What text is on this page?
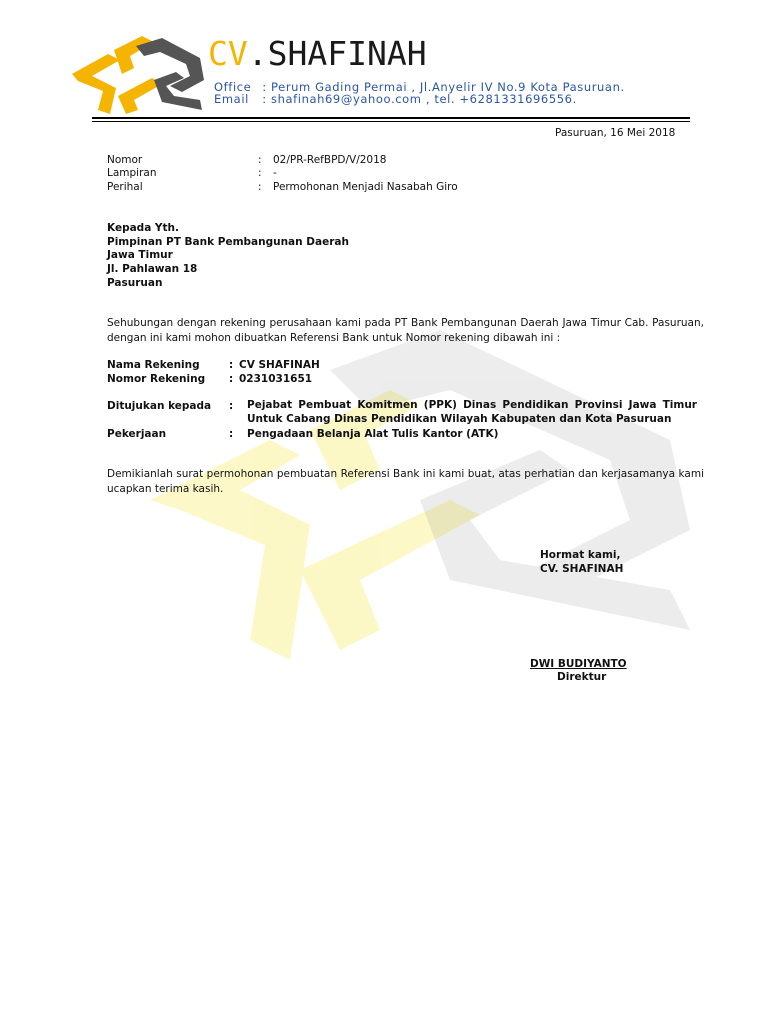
CV.SHAFINAH
Office : Perum Gading Permai , Jl.Anyelir IV No.9 Kota Pasuruan.
Email : shafinah69@yahoo.com , tel. +6281331696556.
Pasuruan, 16 Mei 2018
Nomor	: 02/PR-RefBPD/V/2018
Lampiran	: -
Perihal	: Permohonan Menjadi Nasabah Giro
Kepada Yth.
Pimpinan PT Bank Pembangunan Daerah
Jawa Timur
Jl. Pahlawan 18
Pasuruan
Sehubungan dengan rekening perusahaan kami pada PT Bank Pembangunan Daerah Jawa Timur Cab. Pasuruan, dengan ini kami mohon dibuatkan Referensi Bank untuk Nomor rekening dibawah ini :
Nama Rekening	: CV SHAFINAH
Nomor Rekening : 0231031651
Ditujukan kepada : Pejabat Pembuat Komitmen (PPK) Dinas Pendidikan Provinsi Jawa Timur Untuk Cabang Dinas Pendidikan Wilayah Kabupaten dan Kota Pasuruan
Pekerjaan	: Pengadaan Belanja Alat Tulis Kantor (ATK)
Demikianlah surat permohonan pembuatan Referensi Bank ini kami buat, atas perhatian dan kerjasamanya kami ucapkan terima kasih.
Hormat kami,
CV. SHAFINAH
DWI BUDIYANTO
Direktur
